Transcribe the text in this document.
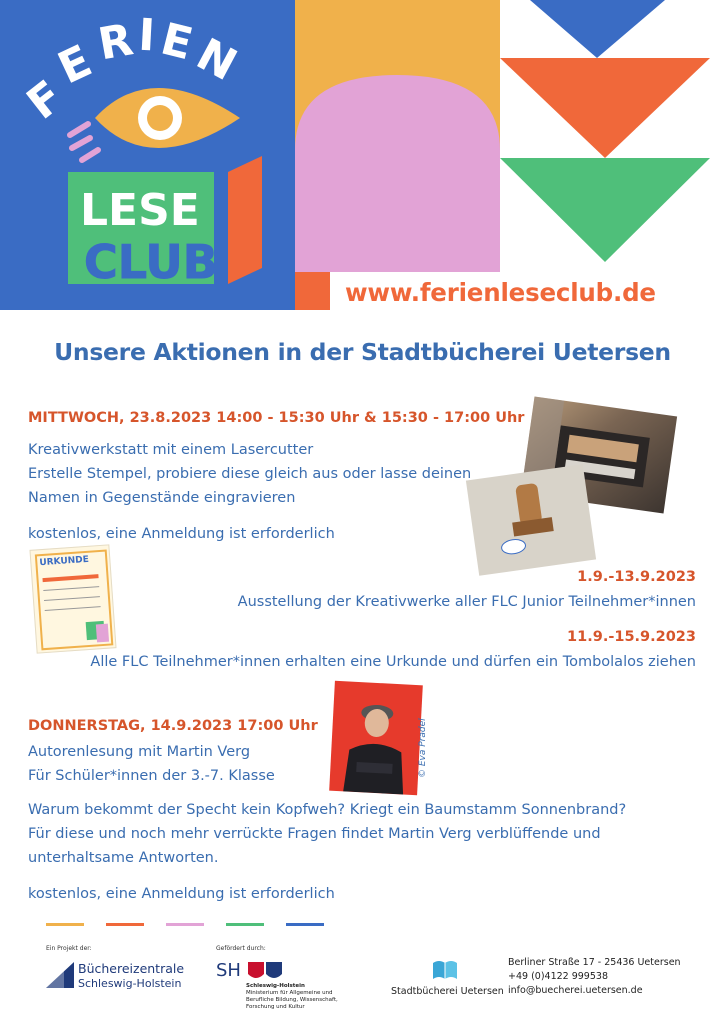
F
E
R I E
N
LESE
CLUB
www.ferienleseclub.de
Unsere Aktionen in der Stadtbücherei Uetersen
MITTWOCH, 23.8.2023 14:00 - 15:30 Uhr & 15:30 - 17:00 Uhr
Kreativwerkstatt mit einem Lasercutter
Erstelle Stempel, probiere diese gleich aus oder lasse deinen
Namen in Gegenstände eingravieren
kostenlos, eine Anmeldung ist erforderlich
URKUNDE
1.9.-13.9.2023
Ausstellung der Kreativwerke aller FLC Junior Teilnehmer*innen
11.9.-15.9.2023
Alle FLC Teilnehmer*innen erhalten eine Urkunde und dürfen ein Tombolalos ziehen
DONNERSTAG, 14.9.2023 17:00 Uhr
Autorenlesung mit Martin Verg
Für Schüler*innen der 3.-7. Klasse	© Eva Pradel
Warum bekommt der Specht kein Kopfweh? Kriegt ein Baumstamm Sonnenbrand?
Für diese und noch mehr verrückte Fragen findet Martin Verg verblüffende und
unterhaltsame Antworten.
kostenlos, eine Anmeldung ist erforderlich
Ein Projekt der:
Büchereizentrale
Schleswig-Holstein
Gefördert durch:
SH
Schleswig-Holstein
Ministerium für Allgemeine und
Berufliche Bildung, Wissenschaft,
Forschung und Kultur
Stadtbücherei Uetersen
Berliner Straße 17 - 25436 Uetersen
+49 (0)4122 999538
info@buecherei.uetersen.de
